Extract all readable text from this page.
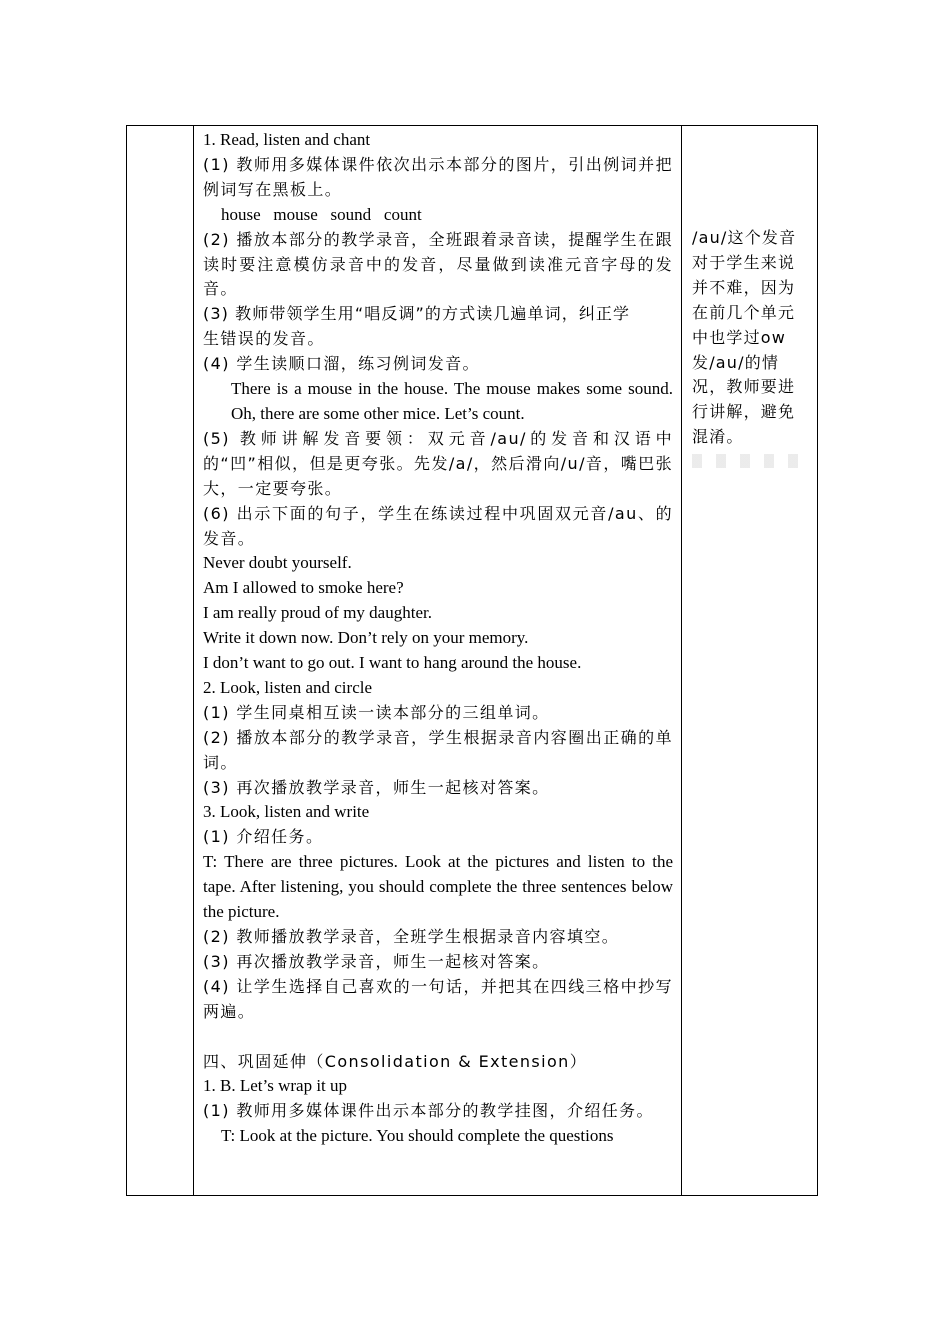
1. Read, listen and chant

(1) 教师用多媒体课件依次出示本部分的图片，引出例词并把例词写在黑板上。

house   mouse   sound   count

(2) 播放本部分的教学录音，全班跟着录音读，提醒学生在跟读时要注意模仿录音中的发音，尽量做到读准元音字母的发音。

(3) 教师带领学生用“唱反调”的方式读几遍单词，纠正学

生错误的发音。

(4) 学生读顺口溜，练习例词发音。

There is a mouse in the house. The mouse makes some sound. Oh, there are some other mice. Let’s count.

(5) 教师讲解发音要领：双元音/au/的发音和汉语中的“凹”相似，但是更夸张。先发/a/，然后滑向/u/音，嘴巴张大，一定要夸张。

(6) 出示下面的句子，学生在练读过程中巩固双元音/au、的发音。

Never doubt yourself.

Am I allowed to smoke here?

I am really proud of my daughter.

Write it down now. Don’t rely on your memory.

I don’t want to go out. I want to hang around the house.

2. Look, listen and circle

(1) 学生同桌相互读一读本部分的三组单词。

(2) 播放本部分的教学录音，学生根据录音内容圈出正确的单词。

(3) 再次播放教学录音，师生一起核对答案。

3. Look, listen and write

(1) 介绍任务。

T: There are three pictures. Look at the pictures and listen to the tape. After listening, you should complete the three sentences below the picture.

(2) 教师播放教学录音，全班学生根据录音内容填空。

(3) 再次播放教学录音，师生一起核对答案。

(4) 让学生选择自己喜欢的一句话，并把其在四线三格中抄写两遍。

四、巩固延伸（Consolidation & Extension）

1. B. Let’s wrap it up

(1) 教师用多媒体课件出示本部分的教学挂图，介绍任务。

T: Look at the picture. You should complete the questions

/au/这个发音对于学生来说并不难，因为在前几个单元中也学过ow发/au/的情况，教师要进行讲解，避免混淆。
